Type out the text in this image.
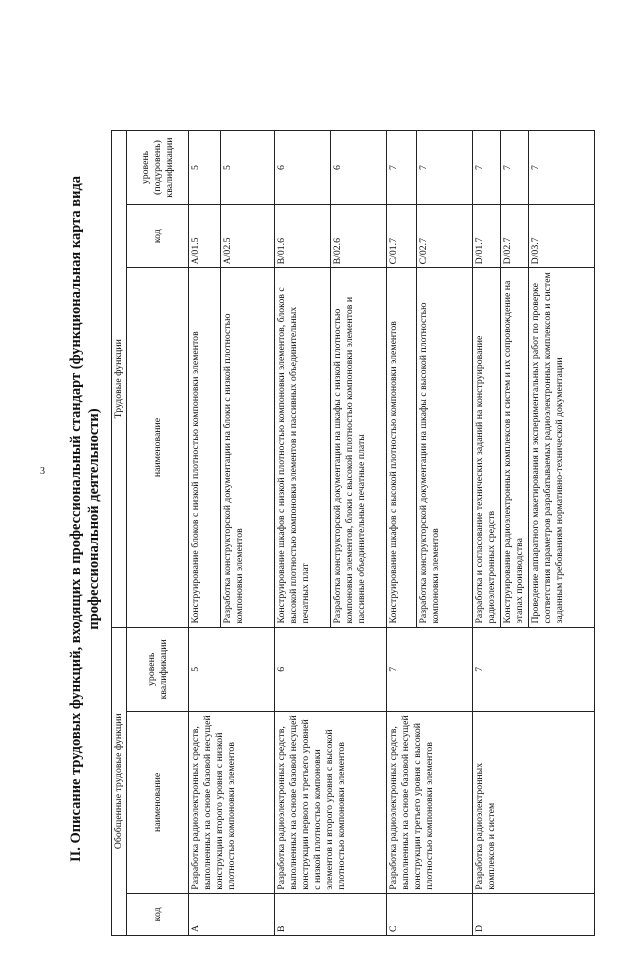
3 II. Описание трудовых функций, входящих в профессиональный стандарт (функциональная карта вида профессиональной деятельности)
Обобщенные трудовые функции			Трудовые функции		
код	наименование	уровень квалификации	наименование	код	уровень (подуровень) квалификации
A	Разработка радиоэлектронных средств, выполненных на основе базовой несущей конструкции второго уровня с низкой плотностью компоновки элементов	5	Конструирование блоков с низкой плотностью компоновки элементов	A/01.5	5
			Разработка конструкторской документации на блоки с низкой плотностью компоновки элементов	A/02.5	5
B	Разработка радиоэлектронных средств, выполненных на основе базовой несущей конструкции первого и третьего уровней с низкой плотностью компоновки элементов и второго уровня с высокой плотностью компоновки элементов	6	Конструирование шкафов с низкой плотностью компоновки элементов, блоков с высокой плотностью компоновки элементов и пассивных объединительных печатных плат	B/01.6	6
			Разработка конструкторской документации на шкафы с низкой плотностью компоновки элементов, блоки с высокой плотностью компоновки элементов и пассивные объединительные печатные платы	B/02.6	6
C	Разработка радиоэлектронных средств, выполненных на основе базовой несущей конструкции третьего уровня с высокой плотностью компоновки элементов	7	Конструирование шкафов с высокой плотностью компоновки элементов	C/01.7	7
			Разработка конструкторской документации на шкафы с высокой плотностью компоновки элементов	C/02.7	7
D	Разработка радиоэлектронных комплексов и систем	7	Разработка и согласование технических заданий на конструирование радиоэлектронных средств	D/01.7	7
			Конструирование радиоэлектронных комплексов и систем и их сопровождение на этапах производства	D/02.7	7
			Проведение аппаратного макетирования и экспериментальных работ по проверке соответствия параметров разрабатываемых радиоэлектронных комплексов и систем заданным требованиям нормативно-технической документации	D/03.7	7
